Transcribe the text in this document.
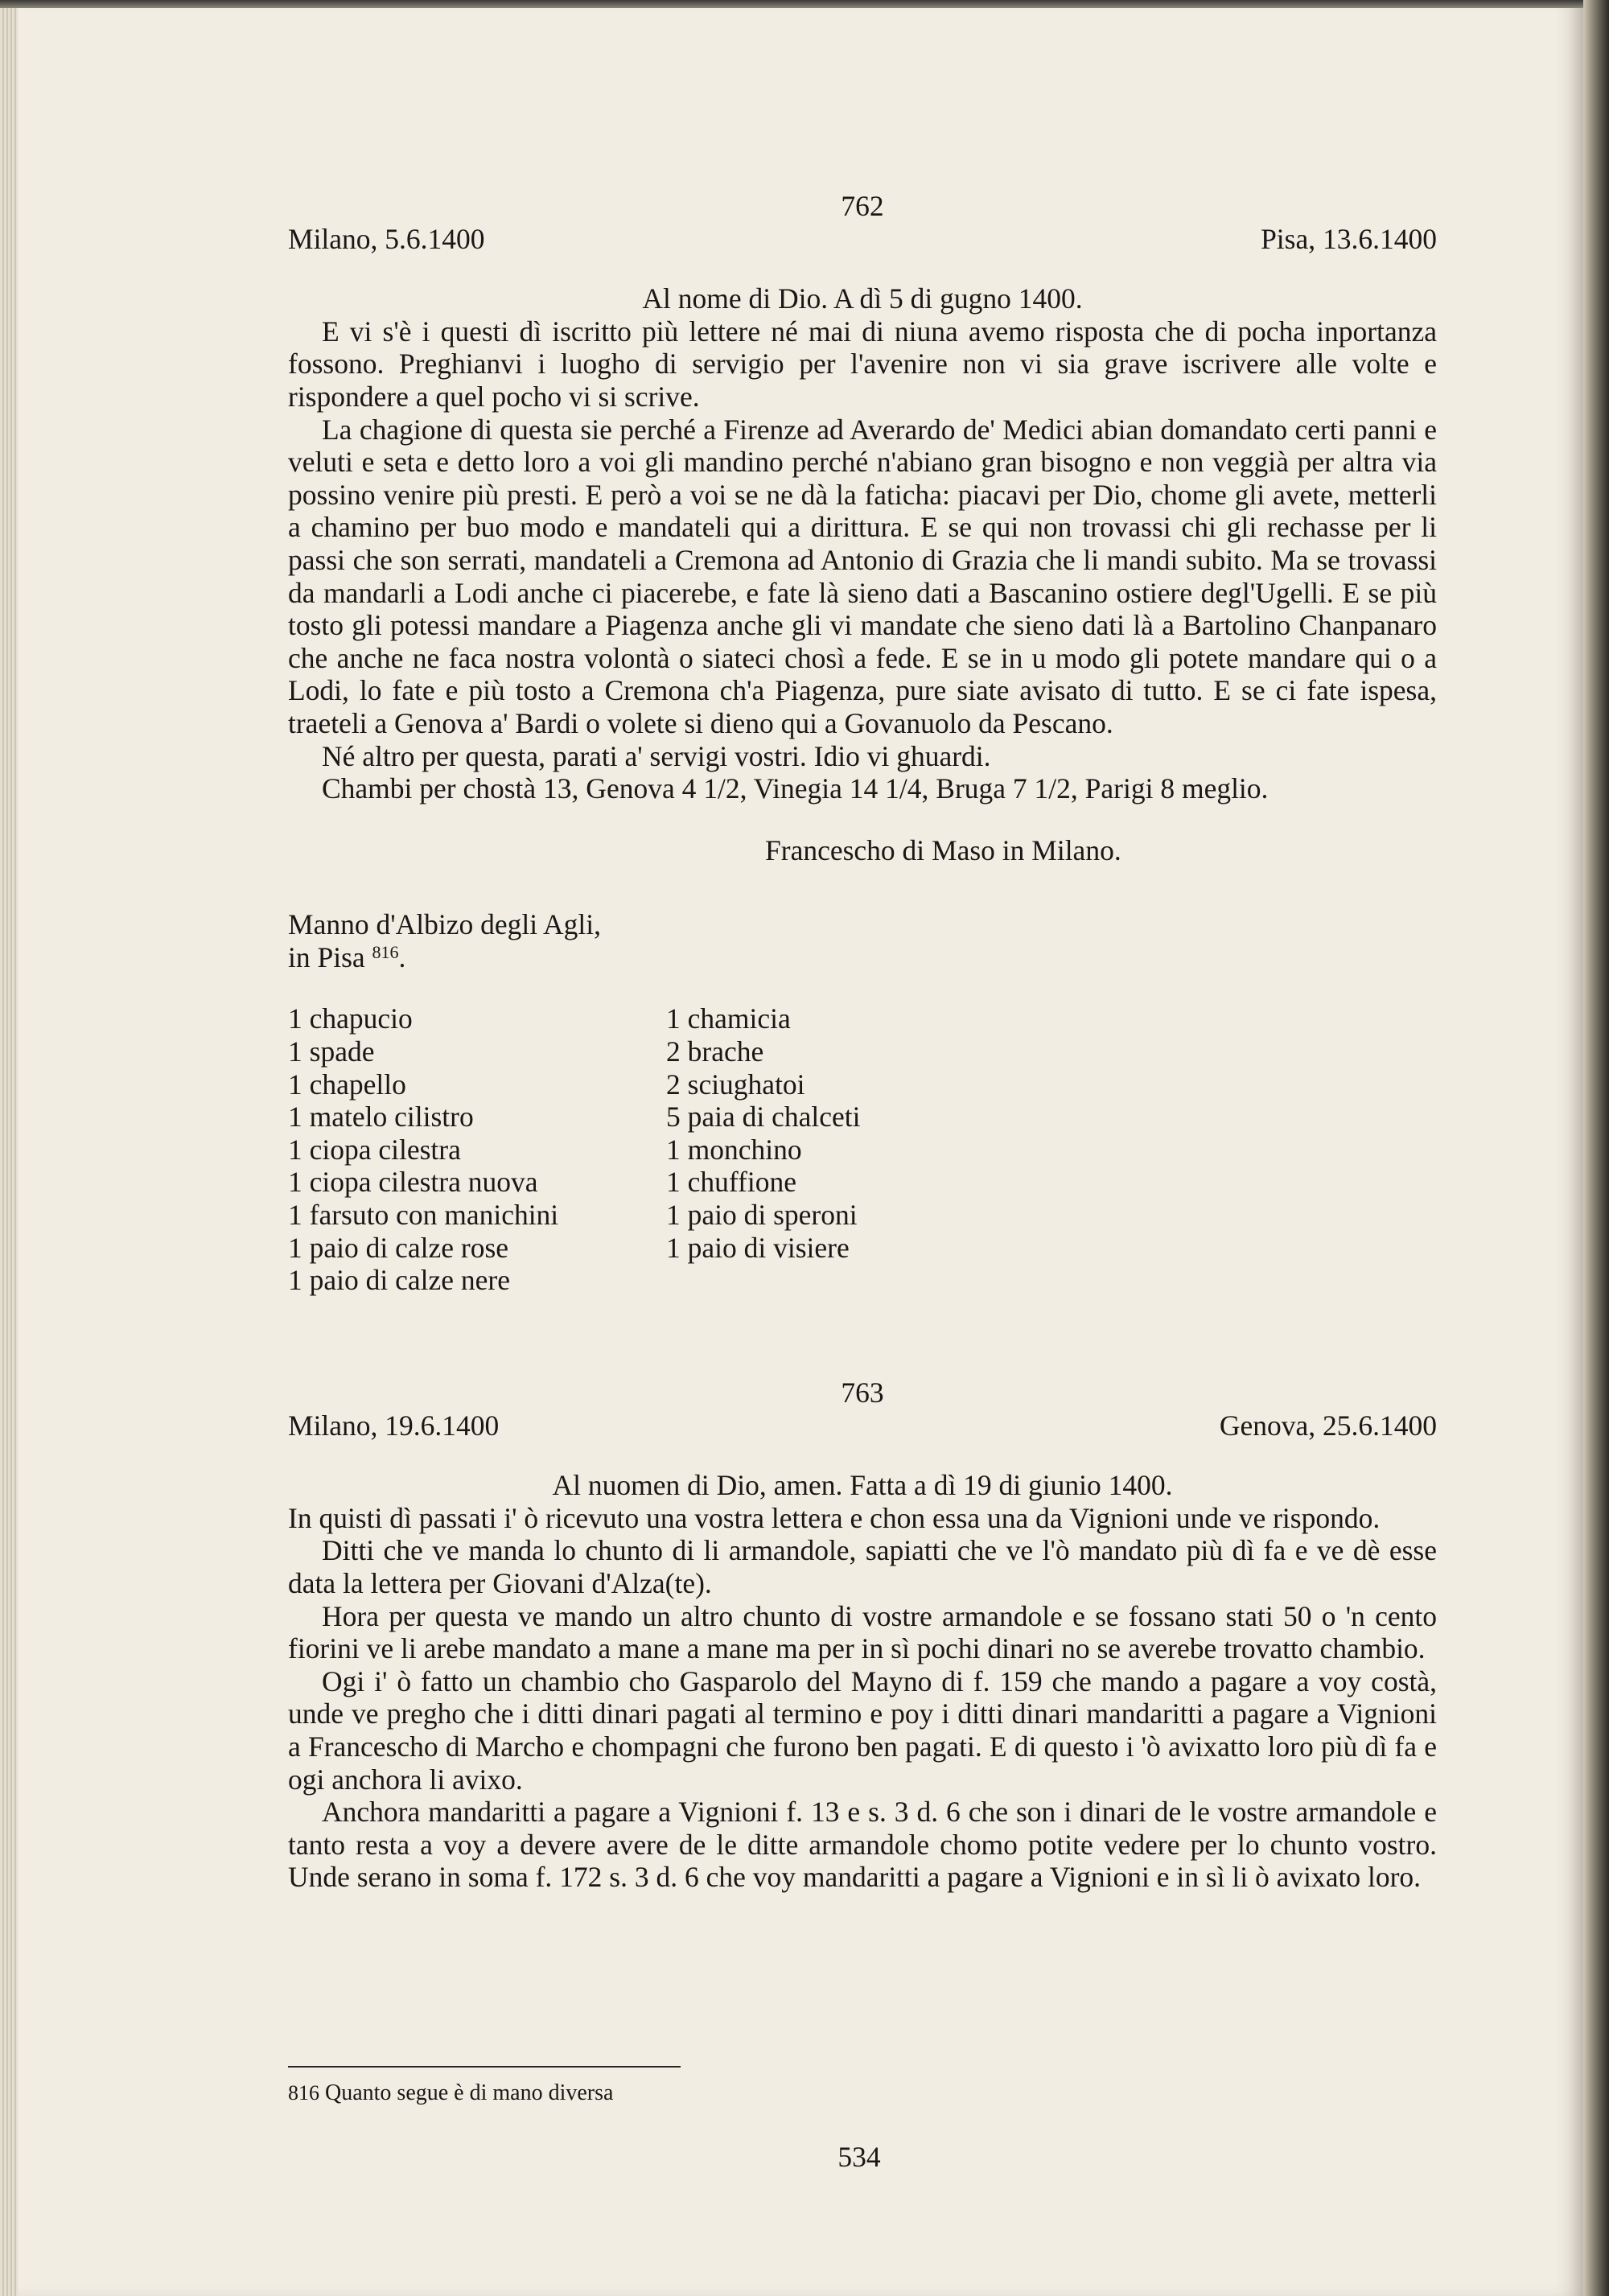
762
Milano, 5.6.1400	Pisa, 13.6.1400
Al nome di Dio. A dì 5 di gugno 1400.

E vi s'è i questi dì iscritto più lettere né mai di niuna avemo risposta che di pocha inportanza fossono. Preghianvi i luogho di servigio per l'avenire non vi sia grave iscrivere alle volte e rispondere a quel pocho vi si scrive.

La chagione di questa sie perché a Firenze ad Averardo de' Medici abian domandato certi panni e veluti e seta e detto loro a voi gli mandino perché n'abiano gran bisogno e non veggià per altra via possino venire più presti. E però a voi se ne dà la faticha: piacavi per Dio, chome gli avete, metterli a chamino per buo modo e mandateli qui a dirittura. E se qui non trovassi chi gli rechasse per li passi che son serrati, mandateli a Cremona ad Antonio di Grazia che li mandi subito. Ma se trovassi da mandarli a Lodi anche ci piacerebe, e fate là sieno dati a Bascanino ostiere degl'Ugelli. E se più tosto gli potessi mandare a Piagenza anche gli vi mandate che sieno dati là a Bartolino Chanpanaro che anche ne faca nostra volontà o siateci chosì a fede. E se in u modo gli potete mandare qui o a Lodi, lo fate e più tosto a Cremona ch'a Piagenza, pure siate avisato di tutto. E se ci fate ispesa, traeteli a Genova a' Bardi o volete si dieno qui a Govanuolo da Pescano.

Né altro per questa, parati a' servigi vostri. Idio vi ghuardi.

Chambi per chostà 13, Genova 4 1/2, Vinegia 14 1/4, Bruga 7 1/2, Parigi 8 meglio.

Francescho di Maso in Milano.
Manno d'Albizo degli Agli,
in Pisa $^{816}$.
1 chapucio
1 spade
1 chapello
1 matelo cilistro
1 ciopa cilestra
1 ciopa cilestra nuova
1 farsuto con manichini
1 paio di calze rose
1 paio di calze nere
1 chamicia
2 brache
2 sciughatoi
5 paia di chalceti
1 monchino
1 chuffione
1 paio di speroni
1 paio di visiere
763
Milano, 19.6.1400	Genova, 25.6.1400
Al nuomen di Dio, amen. Fatta a dì 19 di giunio 1400.

In quisti dì passati i' ò ricevuto una vostra lettera e chon essa una da Vignioni unde ve rispondo.

Ditti che ve manda lo chunto di li armandole, sapiatti che ve l'ò mandato più dì fa e ve dè esse data la lettera per Giovani d'Alza(te).

Hora per questa ve mando un altro chunto di vostre armandole e se fossano stati 50 o 'n cento fiorini ve li arebe mandato a mane a mane ma per in sì pochi dinari no se averebe trovatto chambio.

Ogi i' ò fatto un chambio cho Gasparolo del Mayno di f. 159 che mando a pagare a voy costà, unde ve pregho che i ditti dinari pagati al termino e poy i ditti dinari mandaritti a pagare a Vignioni a Francescho di Marcho e chompagni che furono ben pagati. E di questo i 'ò avixatto loro più dì fa e ogi anchora li avixo.

Anchora mandaritti a pagare a Vignioni f. 13 e s. 3 d. 6 che son i dinari de le vostre armandole e tanto resta a voy a devere avere de le ditte armandole chomo potite vedere per lo chunto vostro. Unde serano in soma f. 172 s. 3 d. 6 che voy mandaritti a pagare a Vignioni e in sì li ò avixato loro.

816 Quanto segue è di mano diversa
534
